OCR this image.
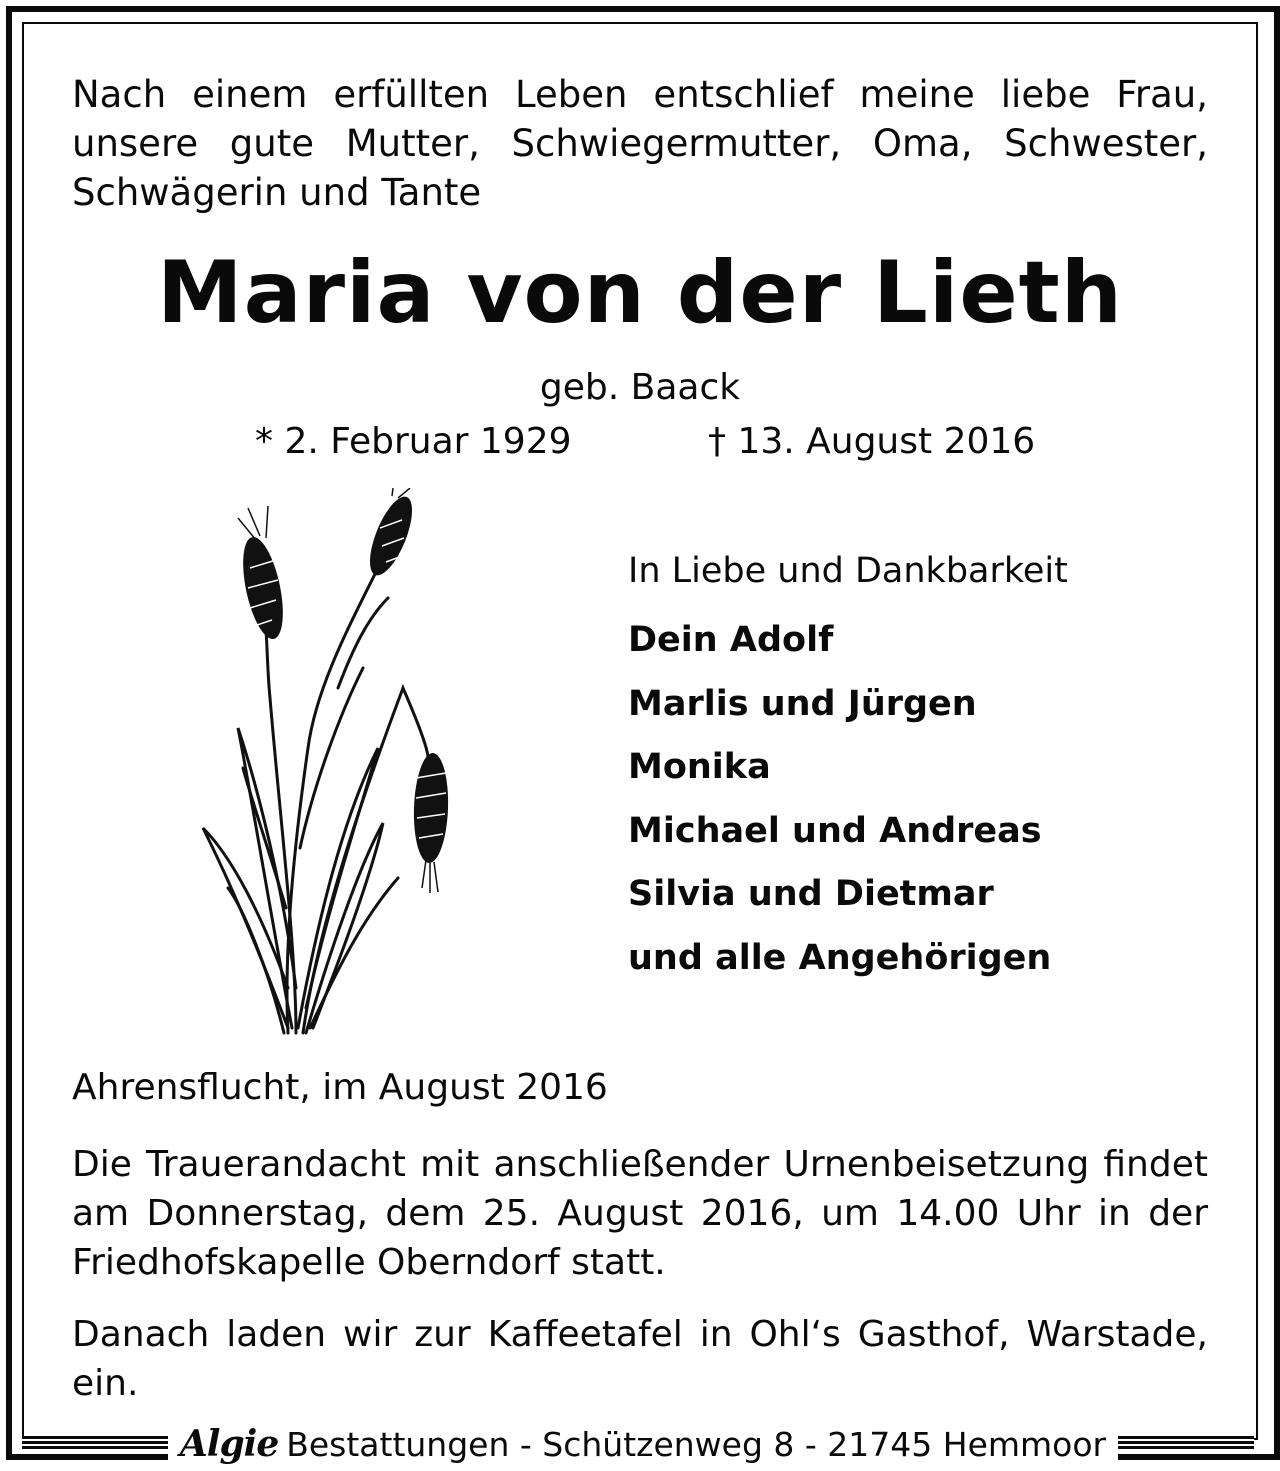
Nach einem erfüllten Leben entschlief meine liebe Frau,
unsere gute Mutter, Schwiegermutter, Oma, Schwester,
Schwägerin und Tante
Maria von der Lieth
geb. Baack
* 2. Februar 1929	† 13. August 2016
In Liebe und Dankbarkeit
Dein Adolf
Marlis und Jürgen
Monika
Michael und Andreas
Silvia und Dietmar
und alle Angehörigen
Ahrensflucht, im August 2016
Die Trauerandacht mit anschließender Urnenbeisetzung findet
am Donnerstag, dem 25. August 2016, um 14.00 Uhr in der
Friedhofskapelle Oberndorf statt.
Danach laden wir zur Kaffeetafel in Ohl‘s Gasthof, Warstade,
ein.
Algie Bestattungen - Schützenweg 8 - 21745 Hemmoor
